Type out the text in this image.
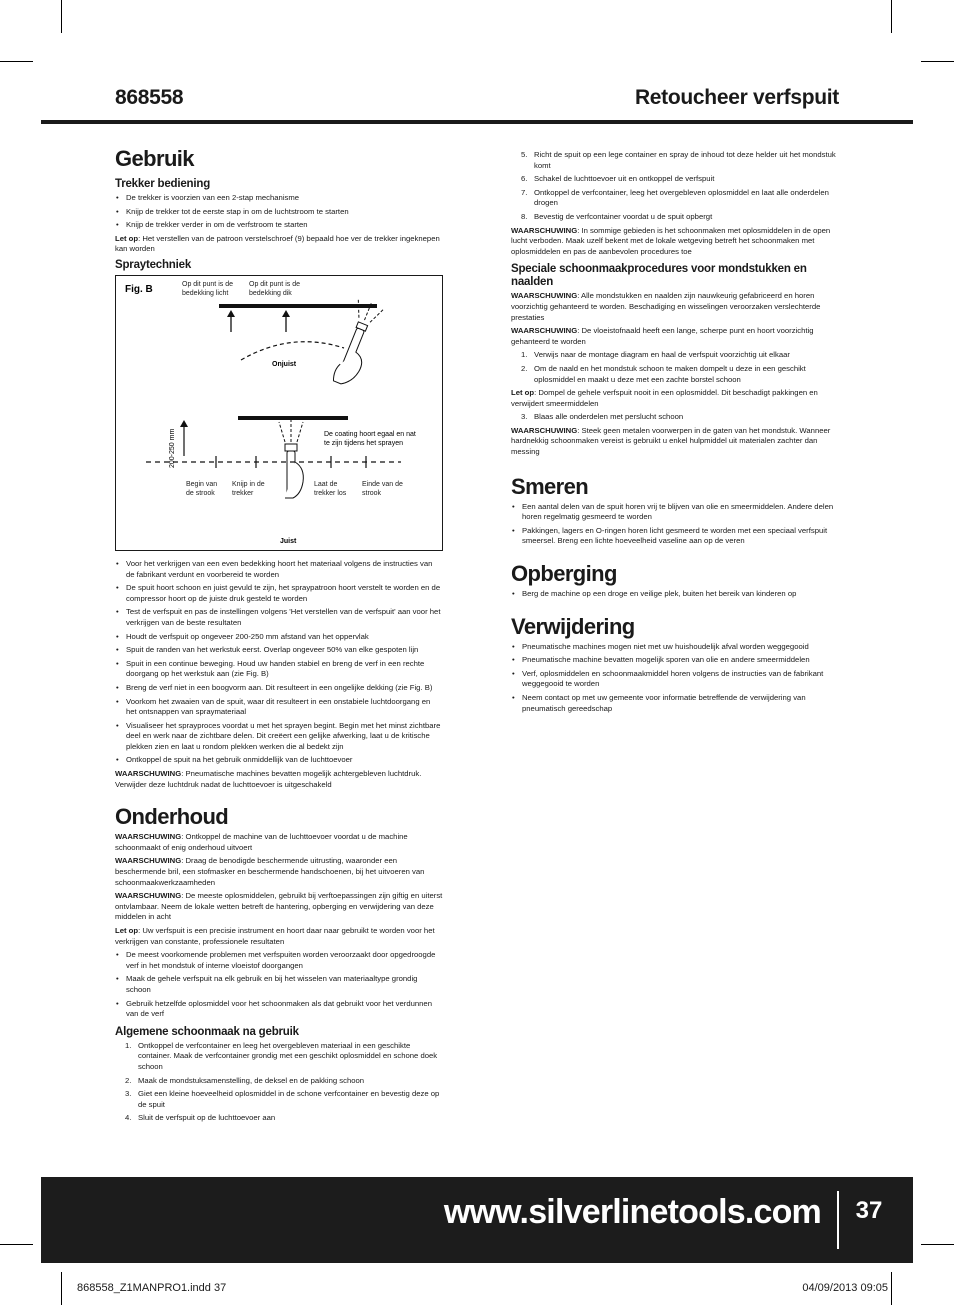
868558	Retoucheer verfspuit
Gebruik
Trekker bediening
• De trekker is voorzien van een 2-stap mechanisme
• Knijp de trekker tot de eerste stap in om de luchtstroom te starten
• Knijp de trekker verder in om de verfstroom te starten

Let op: Het verstellen van de patroon verstelschroef (9) bepaald hoe ver de trekker ingeknepen kan worden

Spraytechniek
Fig. B	Op dit punt is de bedekking licht
Op dit punt is de bedekking dik
Onjuist
200-250 mm	De coating hoort egaal en nat te zijn tijdens het sprayen
Begin van de strook
Knijp in de trekker
Laat de trekker los
Einde van de strook
Juist
• Voor het verkrijgen van een even bedekking hoort het materiaal volgens de instructies van de fabrikant verdunt en voorbereid te worden
• De spuit hoort schoon en juist gevuld te zijn, het spraypatroon hoort verstelt te worden en de compressor hoort op de juiste druk gesteld te worden
• Test de verfspuit en pas de instellingen volgens 'Het verstellen van de verfspuit' aan voor het verkrijgen van de beste resultaten
• Houdt de verfspuit op ongeveer 200-250 mm afstand van het oppervlak
• Spuit de randen van het werkstuk eerst. Overlap ongeveer 50% van elke gespoten lijn
• Spuit in een continue beweging. Houd uw handen stabiel en breng de verf in een rechte doorgang op het werkstuk aan (zie Fig. B)
• Breng de verf niet in een boogvorm aan. Dit resulteert in een ongelijke dekking (zie Fig. B)
• Voorkom het zwaaien van de spuit, waar dit resulteert in een onstabiele luchtdoorgang en het ontsnappen van spraymateriaal
• Visualiseer het sprayproces voordat u met het sprayen begint. Begin met het minst zichtbare deel en werk naar de zichtbare delen. Dit creëert een gelijke afwerking, laat u de kritische plekken zien en laat u rondom plekken werken die al bedekt zijn
• Ontkoppel de spuit na het gebruik onmiddellijk van de luchttoevoer

WAARSCHUWING: Pneumatische machines bevatten mogelijk achtergebleven luchtdruk. Verwijder deze luchtdruk nadat de luchttoevoer is uitgeschakeld

Onderhoud

WAARSCHUWING: Ontkoppel de machine van de luchttoevoer voordat u de machine schoonmaakt of enig onderhoud uitvoert

WAARSCHUWING: Draag de benodigde beschermende uitrusting, waaronder een beschermende bril, een stofmasker en beschermende handschoenen, bij het uitvoeren van schoonmaakwerkzaamheden

WAARSCHUWING: De meeste oplosmiddelen, gebruikt bij verftoepassingen zijn giftig en uiterst ontvlambaar. Neem de lokale wetten betreft de hantering, opberging en verwijdering van deze middelen in acht

Let op: Uw verfspuit is een precisie instrument en hoort daar naar gebruikt te worden voor het verkrijgen van constante, professionele resultaten

• De meest voorkomende problemen met verfspuiten worden veroorzaakt door opgedroogde verf in het mondstuk of interne vloeistof doorgangen
• Maak de gehele verfspuit na elk gebruik en bij het wisselen van materiaaltype grondig schoon
• Gebruik hetzelfde oplosmiddel voor het schoonmaken als dat gebruikt voor het verdunnen van de verf
Algemene schoonmaak na gebruik
1. Ontkoppel de verfcontainer en leeg het overgebleven materiaal in een geschikte container. Maak de verfcontainer grondig met een geschikt oplosmiddel en schone doek schoon
2. Maak de mondstuksamenstelling, de deksel en de pakking schoon
3. Giet een kleine hoeveelheid oplosmiddel in de schone verfcontainer en bevestig deze op de spuit
4. Sluit de verfspuit op de luchttoevoer aan
5. Richt de spuit op een lege container en spray de inhoud tot deze helder uit het mondstuk komt
6. Schakel de luchttoevoer uit en ontkoppel de verfspuit
7. Ontkoppel de verfcontainer, leeg het overgebleven oplosmiddel en laat alle onderdelen drogen
8. Bevestig de verfcontainer voordat u de spuit opbergt

WAARSCHUWING: In sommige gebieden is het schoonmaken met oplosmiddelen in de open lucht verboden. Maak uzelf bekent met de lokale wetgeving betreft het schoonmaken met oplosmiddelen en pas de aanbevolen procedures toe

Speciale schoonmaakprocedures voor mondstukken en naalden

WAARSCHUWING: Alle mondstukken en naalden zijn nauwkeurig gefabriceerd en horen voorzichtig gehanteerd te worden. Beschadiging en wisselingen veroorzaken verslechterde prestaties

WAARSCHUWING: De vloeistofnaald heeft een lange, scherpe punt en hoort voorzichtig gehanteerd te worden

1. Verwijs naar de montage diagram en haal de verfspuit voorzichtig uit elkaar
2. Om de naald en het mondstuk schoon te maken dompelt u deze in een geschikt oplosmiddel en maakt u deze met een zachte borstel schoon

Let op: Dompel de gehele verfspuit nooit in een oplosmiddel. Dit beschadigt pakkingen en verwijdert smeermiddelen

3. Blaas alle onderdelen met perslucht schoon

WAARSCHUWING: Steek geen metalen voorwerpen in de gaten van het mondstuk. Wanneer hardnekkig schoonmaken vereist is gebruikt u enkel hulpmiddel uit materialen zachter dan messing

Smeren
• Een aantal delen van de spuit horen vrij te blijven van olie en smeermiddelen. Andere delen horen regelmatig gesmeerd te worden
• Pakkingen, lagers en O-ringen horen licht gesmeerd te worden met een speciaal verfspuit smeersel. Breng een lichte hoeveelheid vaseline aan op de veren
Opberging
• Berg de machine op een droge en veilige plek, buiten het bereik van kinderen op
Verwijdering
• Pneumatische machines mogen niet met uw huishoudelijk afval worden weggegooid
• Pneumatische machine bevatten mogelijk sporen van olie en andere smeermiddelen
• Verf, oplosmiddelen en schoonmaakmiddel horen volgens de instructies van de fabrikant weggegooid te worden
• Neem contact op met uw gemeente voor informatie betreffende de verwijdering van pneumatisch gereedschap
www.silverlinetools.com	37
868558_Z1MANPRO1.indd 37	04/09/2013 09:05
